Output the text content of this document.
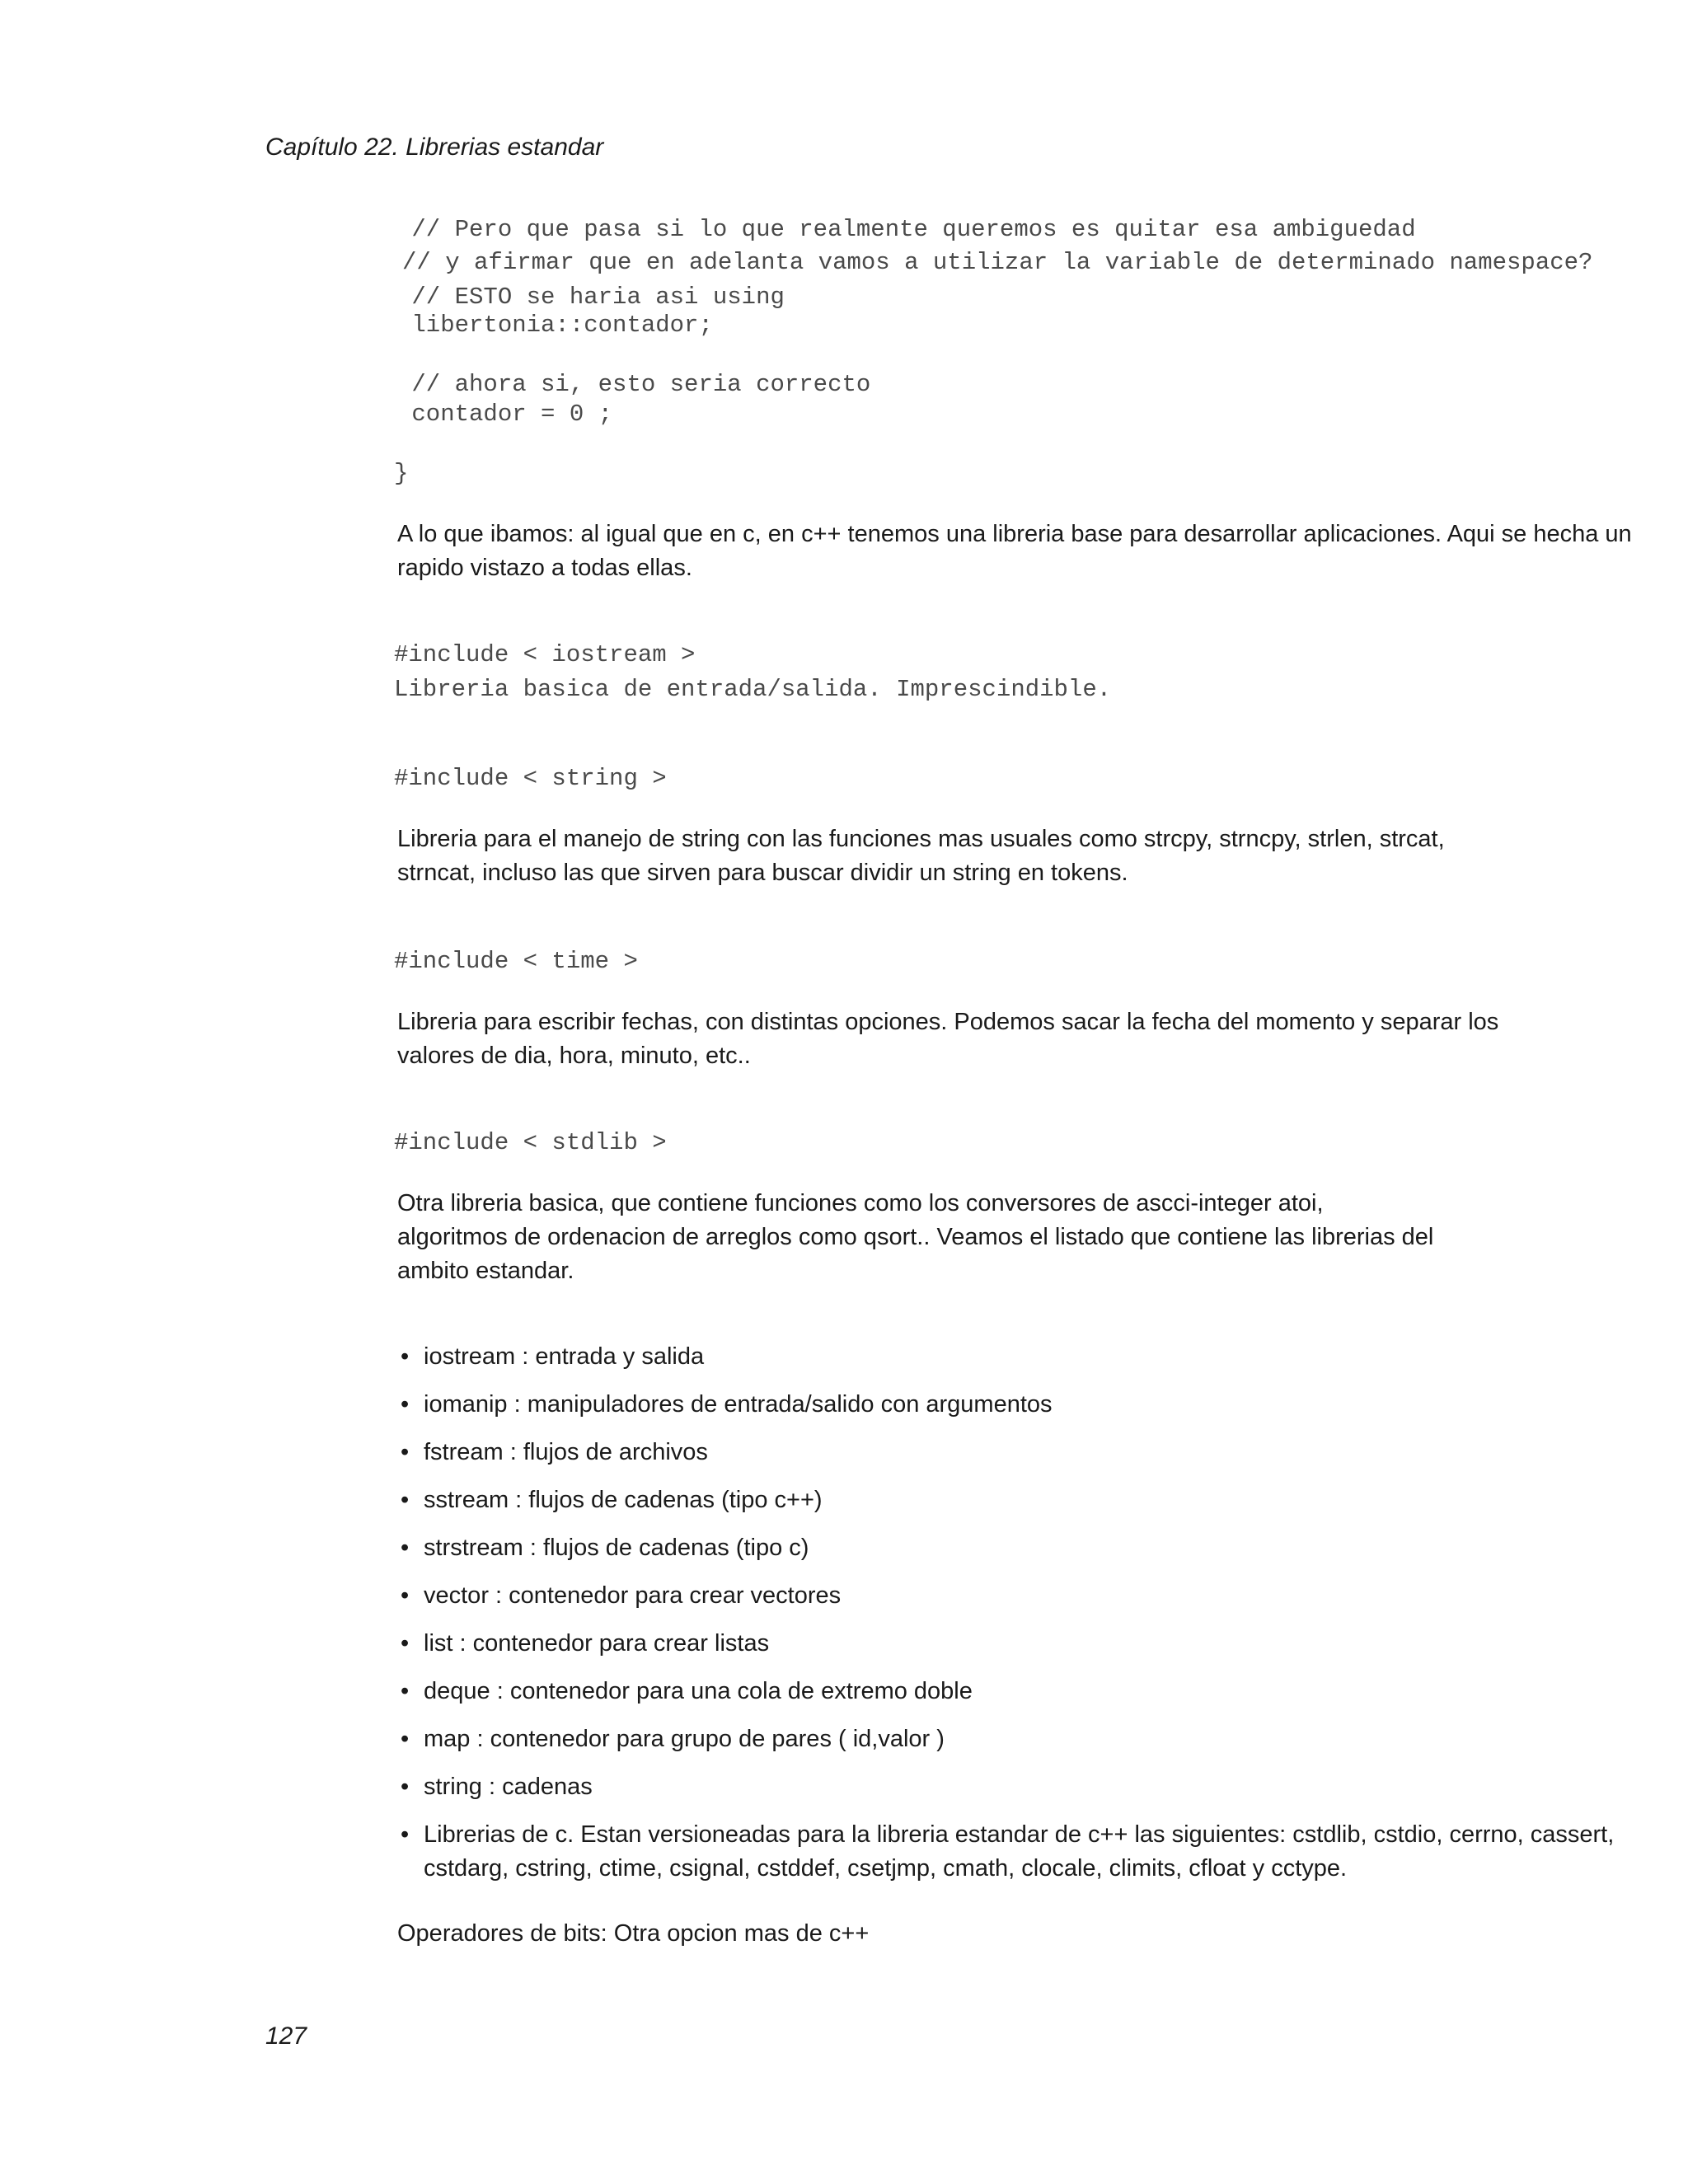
Capítulo 22. Librerias estandar
// Pero que pasa si lo que realmente queremos es quitar esa ambiguedad
// y afirmar que en adelanta vamos a utilizar la variable de determinado namespace?
// ESTO se haria asi using
libertonia::contador;
// ahora si, esto seria correcto
contador = 0 ;
}
A lo que ibamos: al igual que en c, en c++ tenemos una libreria base para desarrollar aplicaciones. Aqui se hecha un rapido vistazo a todas ellas.
#include < iostream >
Libreria basica de entrada/salida. Imprescindible.
#include < string >
Libreria para el manejo de string con las funciones mas usuales como strcpy, strncpy, strlen, strcat, strncat, incluso las que sirven para buscar dividir un string en tokens.
#include < time >
Libreria para escribir fechas, con distintas opciones. Podemos sacar la fecha del momento y separar los valores de dia, hora, minuto, etc..
#include < stdlib >
Otra libreria basica, que contiene funciones como los conversores de ascci-integer atoi, algoritmos de ordenacion de arreglos como qsort.. Veamos el listado que contiene las librerias del ambito estandar.
• iostream : entrada y salida
• iomanip : manipuladores de entrada/salido con argumentos
• fstream : flujos de archivos
• sstream : flujos de cadenas (tipo c++)
• strstream : flujos de cadenas (tipo c)
• vector : contenedor para crear vectores
• list : contenedor para crear listas
• deque : contenedor para una cola de extremo doble
• map : contenedor para grupo de pares ( id,valor )
• string : cadenas
• Librerias de c. Estan versioneadas para la libreria estandar de c++ las siguientes: cstdlib, cstdio, cerrno, cassert, cstdarg, cstring, ctime, csignal, cstddef, csetjmp, cmath, clocale, climits, cfloat y cctype.
Operadores de bits: Otra opcion mas de c++
127
